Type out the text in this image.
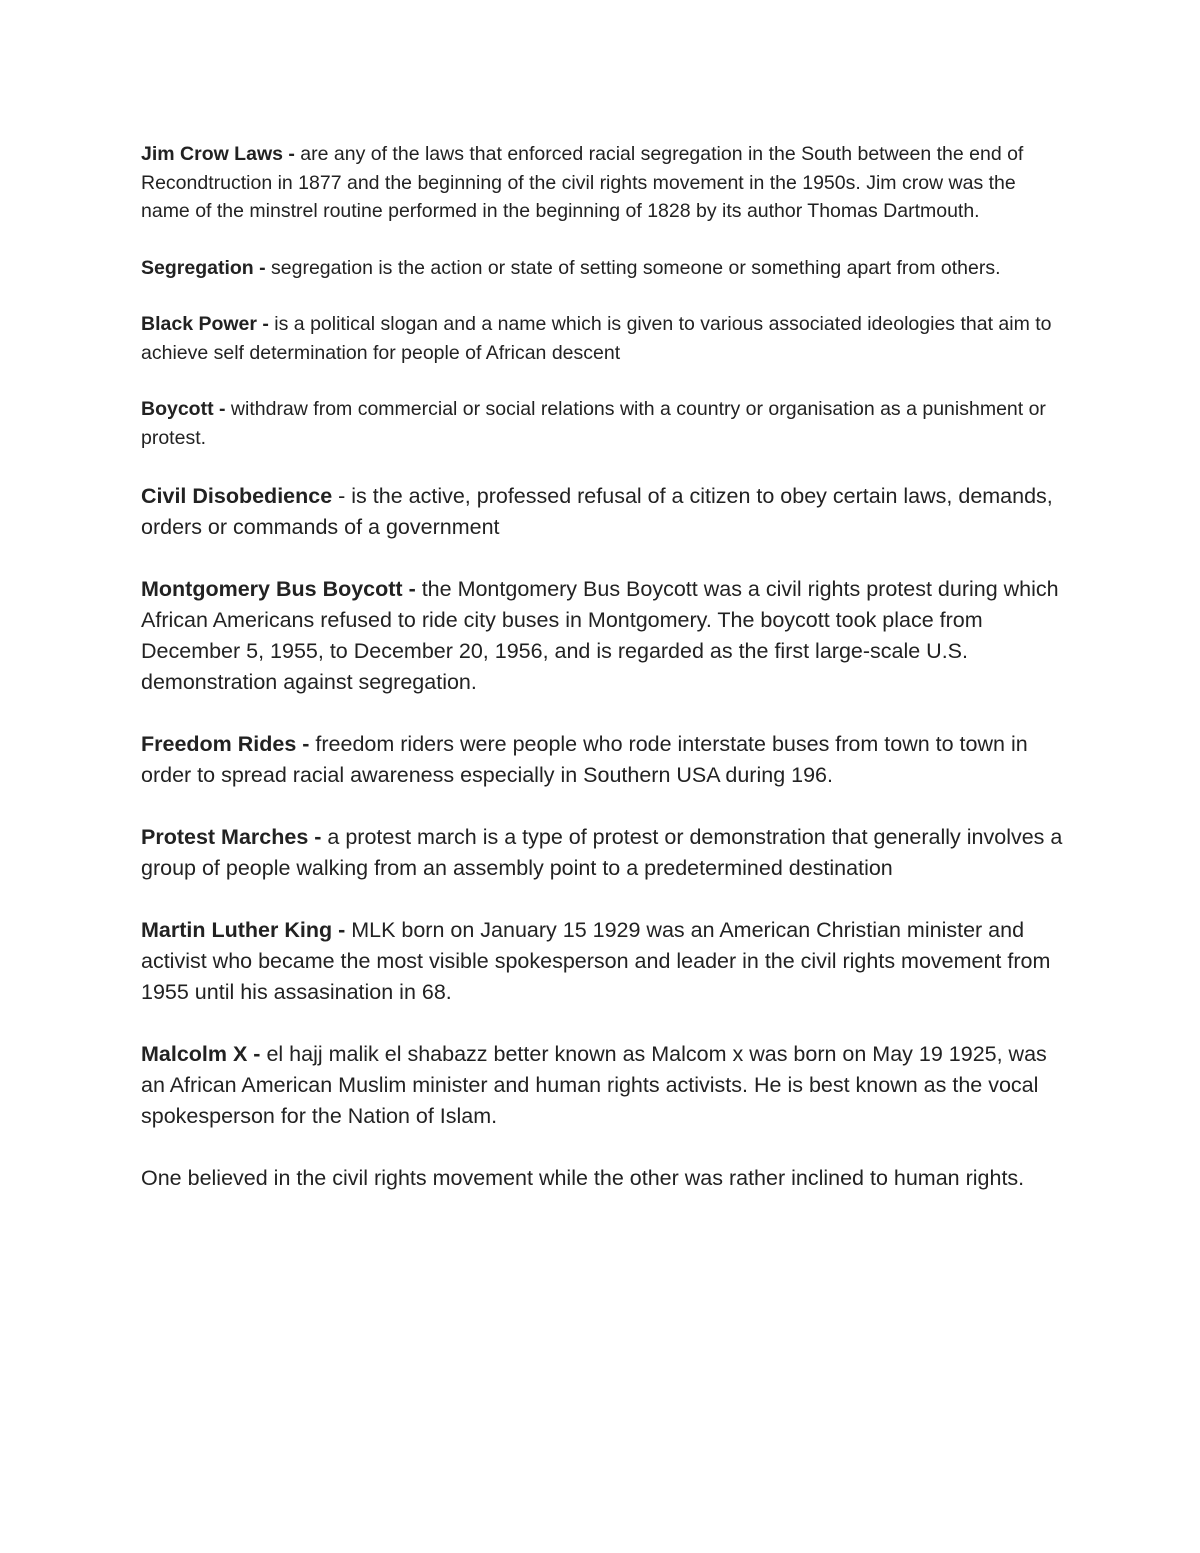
Jim Crow Laws - are any of the laws that enforced racial segregation in the South between the end of Recondtruction in 1877 and the beginning of the civil rights movement in the 1950s. Jim crow was the name of the minstrel routine performed in the beginning of 1828 by its author Thomas Dartmouth.

Segregation - segregation is the action or state of setting someone or something apart from others.

Black Power - is a political slogan and a name which is given to various associated ideologies that aim to achieve self determination for people of African descent

Boycott - withdraw from commercial or social relations with a country or organisation as a punishment or protest.

Civil Disobedience - is the active, professed refusal of a citizen to obey certain laws, demands, orders or commands of a government

Montgomery Bus Boycott - the Montgomery Bus Boycott was a civil rights protest during which African Americans refused to ride city buses in Montgomery. The boycott took place from December 5, 1955, to December 20, 1956, and is regarded as the first large-scale U.S. demonstration against segregation.

Freedom Rides - freedom riders were people who rode interstate buses from town to town in order to spread racial awareness especially in Southern USA during 196.

Protest Marches - a protest march is a type of protest or demonstration that generally involves a group of people walking from an assembly point to a predetermined destination

Martin Luther King - MLK born on January 15 1929 was an American Christian minister and activist who became the most visible spokesperson and leader in the civil rights movement from 1955 until his assasination in 68.

Malcolm X - el hajj malik el shabazz better known as Malcom x was born on May 19 1925, was an African American Muslim minister and human rights activists. He is best known as the vocal spokesperson for the Nation of Islam.

One believed in the civil rights movement while the other was rather inclined to human rights.
